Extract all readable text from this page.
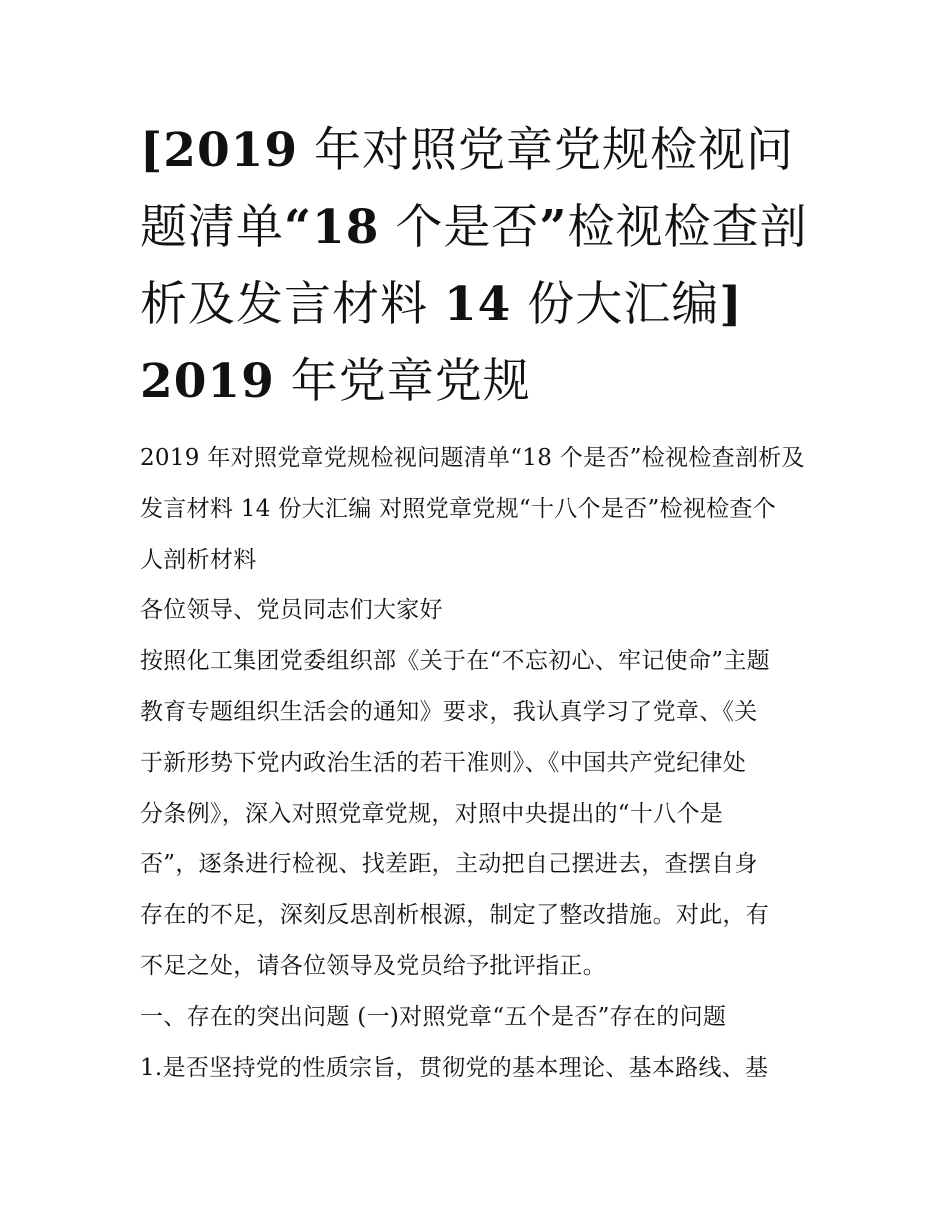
[2019 年对照党章党规检视问
题清单“18 个是否”检视检查剖
析及发言材料 14 份大汇编]
2019 年党章党规
2019 年对照党章党规检视问题清单“18 个是否”检视检查剖析及
发言材料 14 份大汇编 对照党章党规“十八个是否”检视检查个
人剖析材料
各位领导、党员同志们大家好
按照化工集团党委组织部《关于在“不忘初心、牢记使命”主题
教育专题组织生活会的通知》要求，我认真学习了党章、《关
于新形势下党内政治生活的若干准则》、《中国共产党纪律处
分条例》，深入对照党章党规，对照中央提出的“十八个是
否”，逐条进行检视、找差距，主动把自己摆进去，查摆自身
存在的不足，深刻反思剖析根源，制定了整改措施。对此，有
不足之处，请各位领导及党员给予批评指正。
一、存在的突出问题 (一)对照党章“五个是否”存在的问题
1.是否坚持党的性质宗旨，贯彻党的基本理论、基本路线、基
